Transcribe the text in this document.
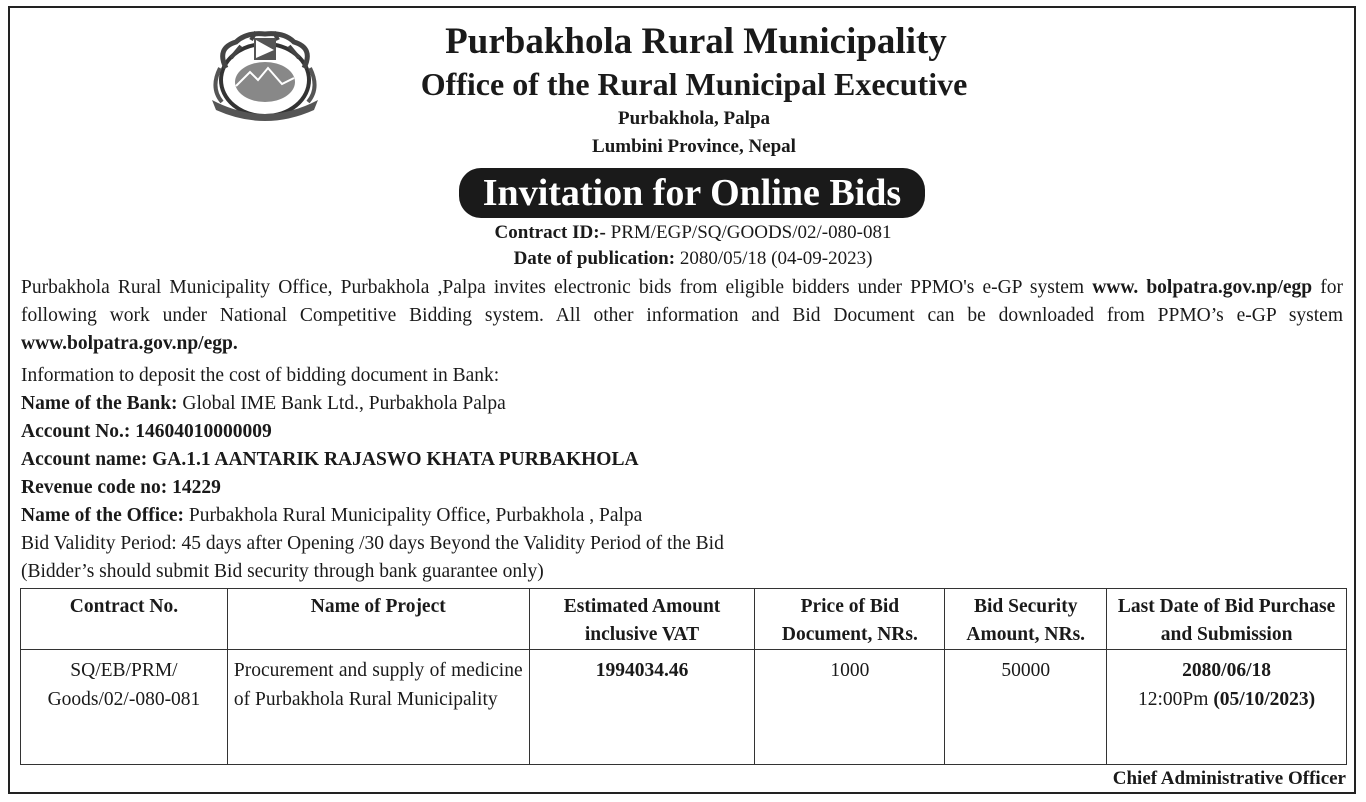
Purbakhola Rural Municipality
Office of the Rural Municipal Executive
Purbakhola, Palpa
Lumbini Province, Nepal
Invitation for Online Bids
Contract ID:- PRM/EGP/SQ/GOODS/02/-080-081
Date of publication: 2080/05/18 (04-09-2023)
Purbakhola Rural Municipality Office, Purbakhola ,Palpa invites electronic bids from eligible bidders under PPMO's e-GP system www. bolpatra.gov.np/egp for following work under National Competitive Bidding system. All other information and Bid Document can be downloaded from PPMO’s e-GP system www.bolpatra.gov.np/egp.
Information to deposit the cost of bidding document in Bank:
Name of the Bank: Global IME Bank Ltd., Purbakhola Palpa
Account No.: 14604010000009
Account name: GA.1.1 AANTARIK RAJASWO KHATA PURBAKHOLA
Revenue code no: 14229
Name of the Office: Purbakhola Rural Municipality Office, Purbakhola , Palpa
Bid Validity Period: 45 days after Opening /30 days Beyond the Validity Period of the Bid
(Bidder’s should submit Bid security through bank guarantee only)
Contract No.	Name of Project	Estimated Amount inclusive VAT	Price of Bid Document, NRs.	Bid Security Amount, NRs.	Last Date of Bid Purchase and Submission
SQ/EB/PRM/ Goods/02/-080-081	Procurement and supply of medicine of Purbakhola Rural Municipality	1994034.46	1000	50000	2080/06/18
12:00Pm (05/10/2023)
Chief Administrative Officer
